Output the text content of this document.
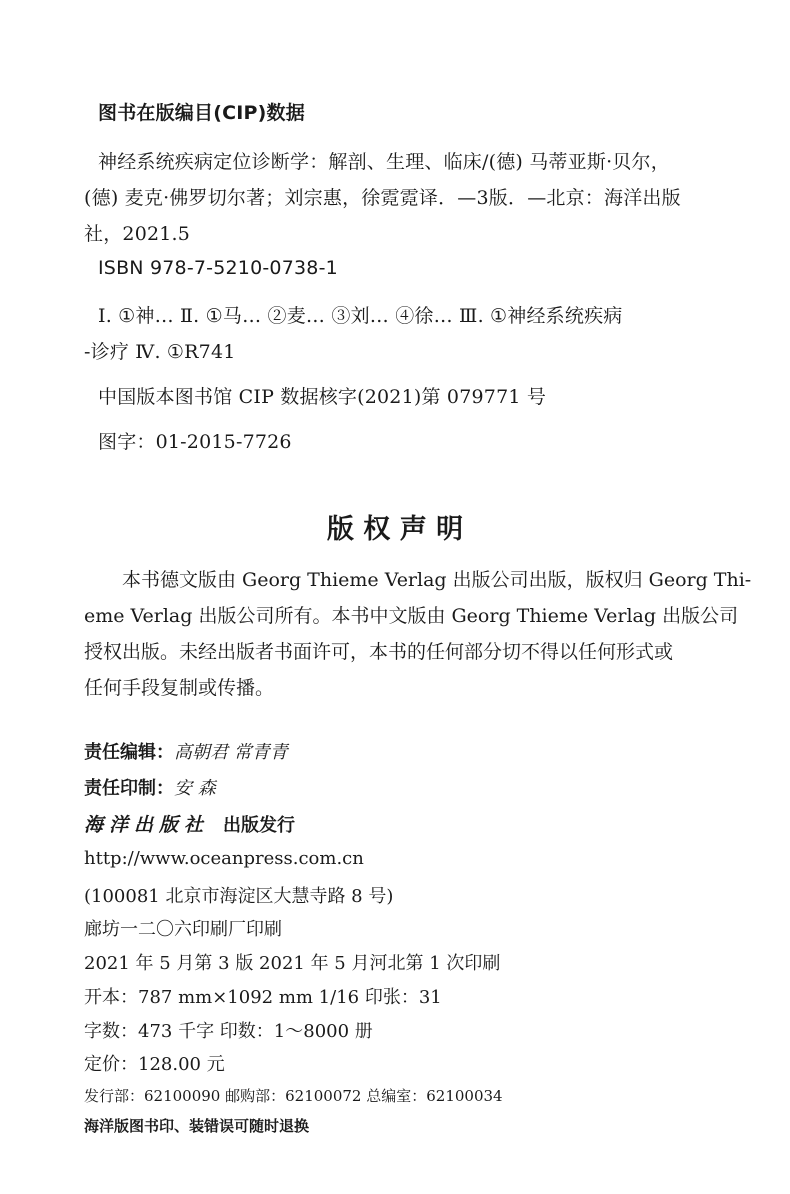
图书在版编目(CIP)数据
神经系统疾病定位诊断学：解剖、生理、临床/(德) 马蒂亚斯·贝尔，
(德) 麦克·佛罗切尔著；刘宗惠，徐霓霓译．—3版．—北京：海洋出版
社，2021.5
ISBN 978-7-5210-0738-1
Ⅰ. ①神… Ⅱ. ①马… ②麦… ③刘… ④徐… Ⅲ. ①神经系统疾病
-诊疗 Ⅳ. ①R741
中国版本图书馆 CIP 数据核字(2021)第 079771 号
图字：01-2015-7726
版 权 声 明
本书德文版由 Georg Thieme Verlag 出版公司出版，版权归 Georg Thi-
eme Verlag 出版公司所有。本书中文版由 Georg Thieme Verlag 出版公司
授权出版。未经出版者书面许可，本书的任何部分切不得以任何形式或
任何手段复制或传播。
责任编辑：高朝君 常青青
责任印制：安 森
海洋出版社 出版发行
http://www.oceanpress.com.cn
(100081 北京市海淀区大慧寺路 8 号)
廊坊一二〇六印刷厂印刷
2021 年 5 月第 3 版 2021 年 5 月河北第 1 次印刷
开本：787 mm×1092 mm 1/16 印张：31
字数：473 千字 印数：1～8000 册
定价：128.00 元
发行部：62100090 邮购部：62100072 总编室：62100034
海洋版图书印、装错误可随时退换
